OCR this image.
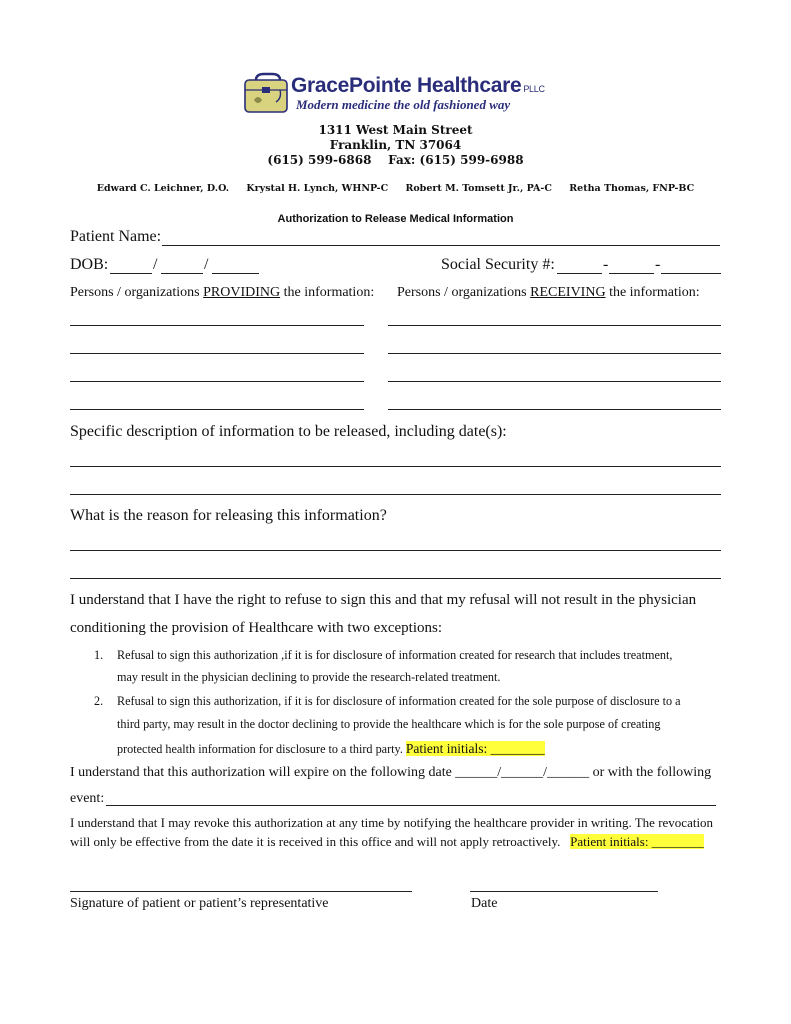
GracePointe Healthcare PLLC
Modern medicine the old fashioned way
1311 West Main Street
Franklin, TN 37064
(615) 599-6868    Fax: (615) 599-6988
Edward C. Leichner, D.O. Krystal H. Lynch, WHNP-C Robert M. Tomsett Jr., PA-C Retha Thomas, FNP-BC
Authorization to Release Medical Information
Patient Name:
DOB:	/	/	Social Security #:	-	-
Persons / organizations PROVIDING the information: Persons / organizations RECEIVING the information:
Specific description of information to be released, including date(s):
What is the reason for releasing this information?
I understand that I have the right to refuse to sign this and that my refusal will not result in the physician
conditioning the provision of Healthcare with two exceptions:
1. Refusal to sign this authorization ,if it is for disclosure of information created for research that includes treatment,
may result in the physician declining to provide the research-related treatment.
2. Refusal to sign this authorization, if it is for disclosure of information created for the sole purpose of disclosure to a
third party, may result in the doctor declining to provide the healthcare which is for the sole purpose of creating
protected health information for disclosure to a third party. Patient initials: ________
I understand that this authorization will expire on the following date ______/______/______ or with the following
event:
I understand that I may revoke this authorization at any time by notifying the healthcare provider in writing. The revocation
will only be effective from the date it is received in this office and will not apply retroactively. Patient initials: ________
Signature of patient or patient’s representative	Date
